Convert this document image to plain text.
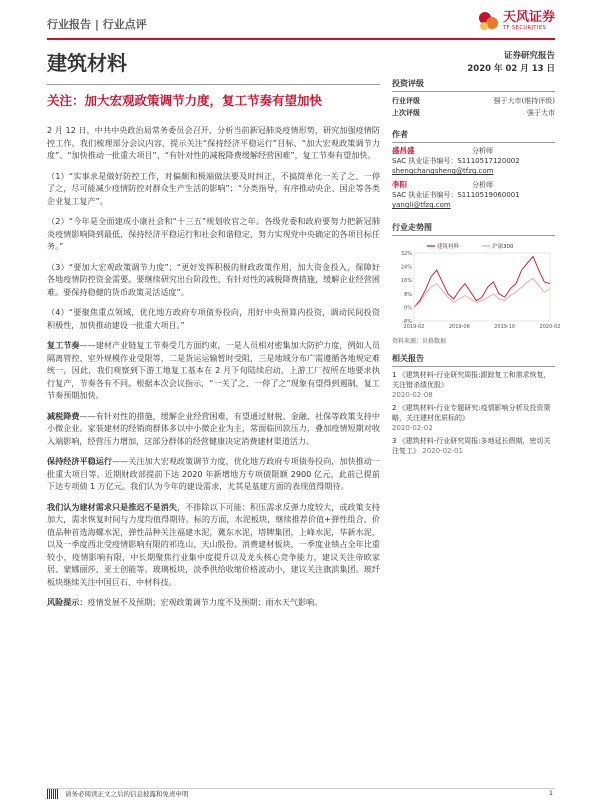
行业报告 | 行业点评	天风证券
TF SECURITIES
建筑材料
关注：加大宏观政策调节力度，复工节奏有望加快
证券研究报告
2020 年 02 月 13 日
投资评级
行业评级	强于大市(维持评级)
上次评级	强于大市
作者
盛昌盛	分析师
SAC 执业证书编号：S1110517120002
shengchangsheng@tfzq.com
李阳	分析师
SAC 执业证书编号：S1110519060001
yangli@tfzq.com
行业走势图
32%
24%
16%
8%
0%
-8%
2019-02	2019-06	2019-10	2020-02
建筑材料	沪深300
资料来源：贝格数据
相关报告
1 《建筑材料-行业研究周报:跟踪复工和需求恢复，关注错杀绩优股》
2020-02-08
2 《建筑材料-行业专题研究:疫情影响分析及投资策略，关注建材优质标的》
2020-02-02
3 《建筑材料-行业研究周报:多地延长假期，密切关注复工》 2020-02-01

2 月 12 日，中共中央政治局常务委员会召开，分析当前新冠肺炎疫情形势，研究加强疫情防控工作。我们梳理部分会议内容，提示关注“保持经济平稳运行”目标、“加大宏观政策调节力度”、“加快推动一批重大项目”、“有针对性的减税降费缓解经营困难”，复工节奏有望加快。

（1）“实事求是做好防控工作，对偏颇和极端做法要及时纠正，不搞简单化一关了之、一停了之，尽可能减少疫情防控对群众生产生活的影响”；“分类指导，有序推动央企、国企等各类企业复工复产”。

（2）“今年是全面建成小康社会和“十三五”规划收官之年。各级党委和政府要努力把新冠肺炎疫情影响降到最低，保持经济平稳运行和社会和谐稳定，努力实现党中央确定的各项目标任务。”

（3）“要加大宏观政策调节力度”；“更好发挥积极的财政政策作用，加大资金投入，保障好各地疫情防控资金需要。要继续研究出台阶段性、有针对性的减税降费措施，缓解企业经营困难。要保持稳健的货币政策灵活适度”。

（4）“要聚焦重点领域，优化地方政府专项债券投向，用好中央预算内投资，调动民间投资积极性，加快推动建设一批重大项目。”

复工节奏——建材产业链复工节奏受几方面约束，一是人员相对密集加大防护力度，例如人员隔离管控、室外规模作业受限等，二是货运运输暂时受阻，三是地域分布广需遵循各地规定难统一，因此，我们观察到下游工地复工基本在 2 月下旬陆续启动，上游工厂按所在地要求执行复产，节奏各有不同。根据本次会议指示，“一关了之、一停了之”现象有望得到遏制，复工节奏预期加快。

减税降费——有针对性的措施，缓解企业经营困难，有望通过财税、金融、社保等政策支持中小微企业。家装建材的经销商群体多以中小微企业为主，常面临回款压力，叠加疫情短期对收入端影响，经营压力增加，这部分群体的经营健康决定消费建材渠道活力。

保持经济平稳运行——关注加大宏观政策调节力度，优化地方政府专项债券投向，加快推动一批重大项目等。近期财政部提前下达 2020 年新增地方专项债限额 2900 亿元，此前已提前下达专项债 1 万亿元。我们认为今年的建设需求，尤其是基建方面的表现值得期待。

我们认为建材需求只是推迟不是消失，不排除以下可能：积压需求反弹力度较大，或政策支持加大，需求恢复时间与力度均值得期待。标的方面，水泥板块，继续推荐价值+弹性组合，价值品种首选海螺水泥，弹性品种关注福建水泥，冀东水泥，塔牌集团，上峰水泥，华新水泥，以及一季度西北受疫情影响有限的祁连山、天山股份。消费建材板块，一季度业绩占全年比重较小，疫情影响有限，中长期聚焦行业集中度提升以及龙头核心竞争能力，建议关注帝欧家居、蒙娜丽莎、亚士创能等。玻璃板块，淡季供给收缩价格波动小，建议关注旗滨集团。玻纤板块继续关注中国巨石、中材科技。

风险提示：疫情发展不及预期；宏观政策调节力度不及预期；雨水天气影响。

请务必阅读正文之后的信息披露和免责申明	1
